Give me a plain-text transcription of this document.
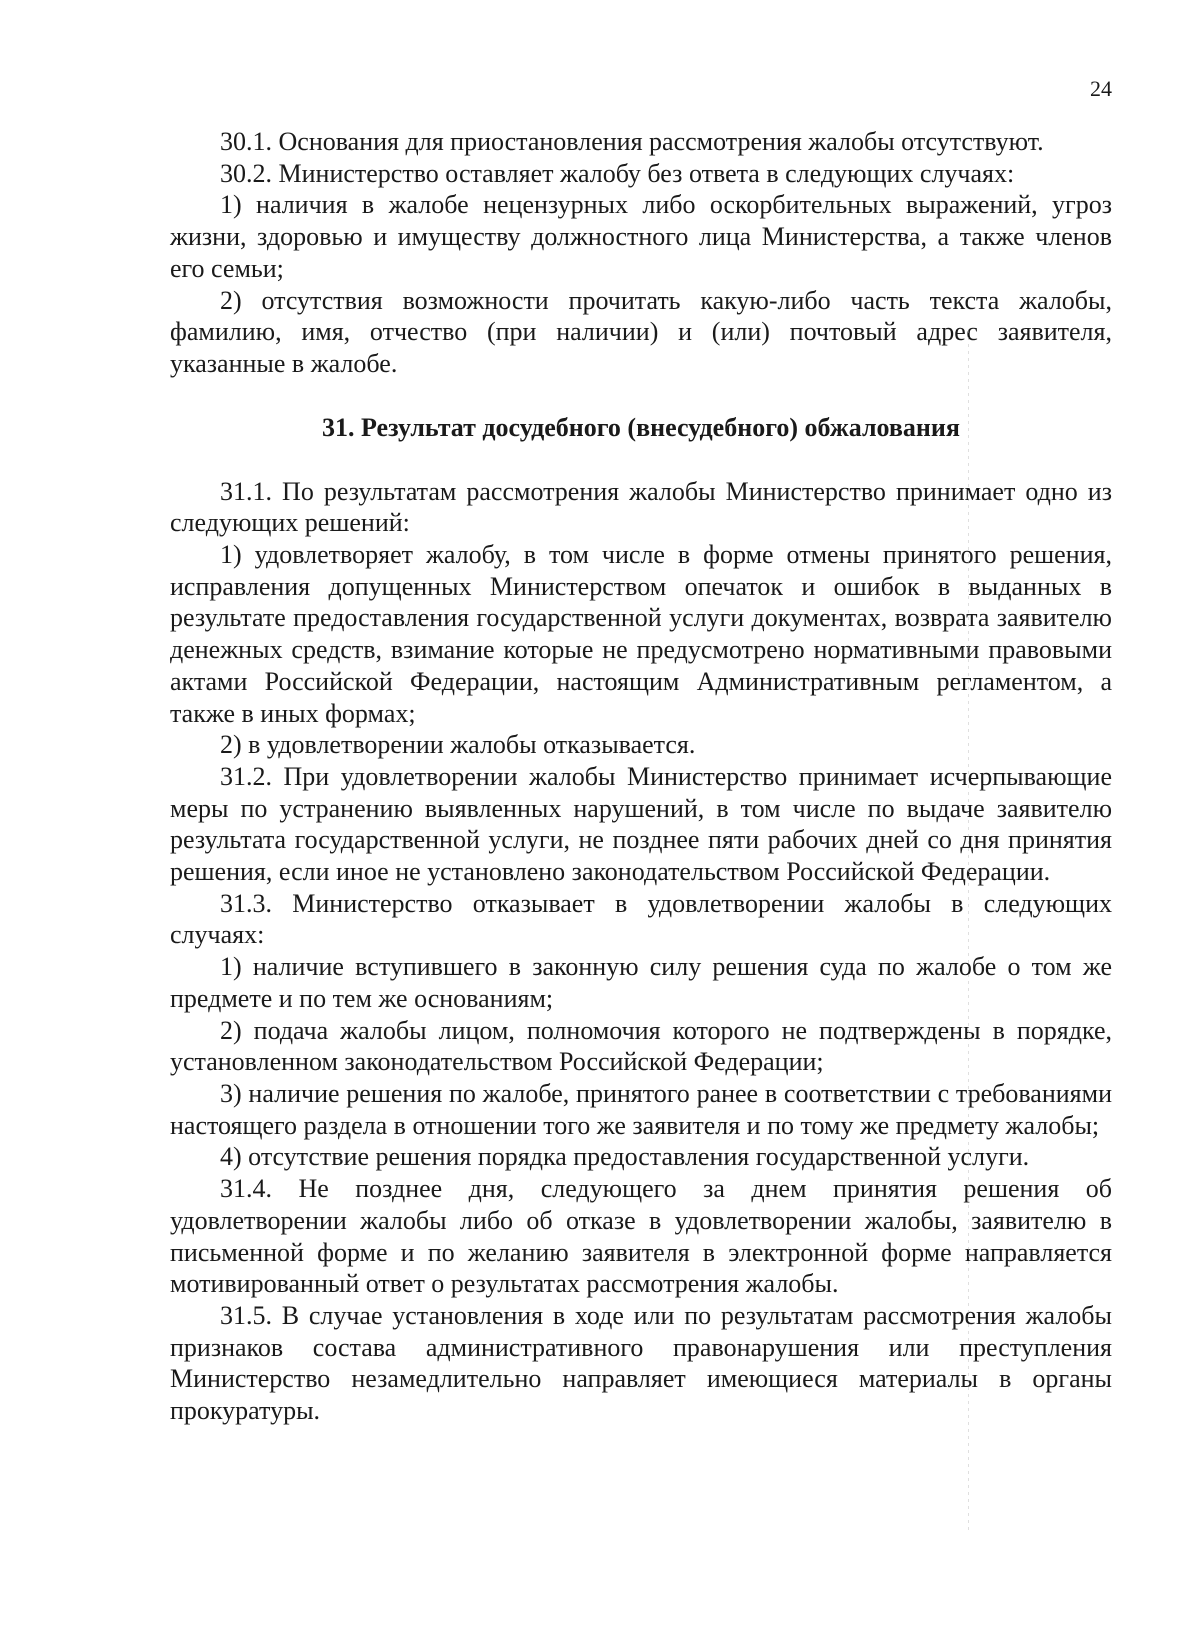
24

30.1. Основания для приостановления рассмотрения жалобы отсутствуют.

30.2. Министерство оставляет жалобу без ответа в следующих случаях:

1) наличия в жалобе нецензурных либо оскорбительных выражений, угроз жизни, здоровью и имуществу должностного лица Министерства, а также членов его семьи;

2) отсутствия возможности прочитать какую-либо часть текста жалобы, фамилию, имя, отчество (при наличии) и (или) почтовый адрес заявителя, указанные в жалобе.

31. Результат досудебного (внесудебного) обжалования

31.1. По результатам рассмотрения жалобы Министерство принимает одно из следующих решений:

1) удовлетворяет жалобу, в том числе в форме отмены принятого решения, исправления допущенных Министерством опечаток и ошибок в выданных в результате предоставления государственной услуги документах, возврата заявителю денежных средств, взимание которые не предусмотрено нормативными правовыми актами Российской Федерации, настоящим Административным регламентом, а также в иных формах;

2) в удовлетворении жалобы отказывается.

31.2. При удовлетворении жалобы Министерство принимает исчерпывающие меры по устранению выявленных нарушений, в том числе по выдаче заявителю результата государственной услуги, не позднее пяти рабочих дней со дня принятия решения, если иное не установлено законодательством Российской Федерации.

31.3. Министерство отказывает в удовлетворении жалобы в следующих случаях:

1) наличие вступившего в законную силу решения суда по жалобе о том же предмете и по тем же основаниям;

2) подача жалобы лицом, полномочия которого не подтверждены в порядке, установленном законодательством Российской Федерации;

3) наличие решения по жалобе, принятого ранее в соответствии с требованиями настоящего раздела в отношении того же заявителя и по тому же предмету жалобы;

4) отсутствие решения порядка предоставления государственной услуги.

31.4. Не позднее дня, следующего за днем принятия решения об удовлетворении жалобы либо об отказе в удовлетворении жалобы, заявителю в письменной форме и по желанию заявителя в электронной форме направляется мотивированный ответ о результатах рассмотрения жалобы.

31.5. В случае установления в ходе или по результатам рассмотрения жалобы признаков состава административного правонарушения или преступления Министерство незамедлительно направляет имеющиеся материалы в органы прокуратуры.
